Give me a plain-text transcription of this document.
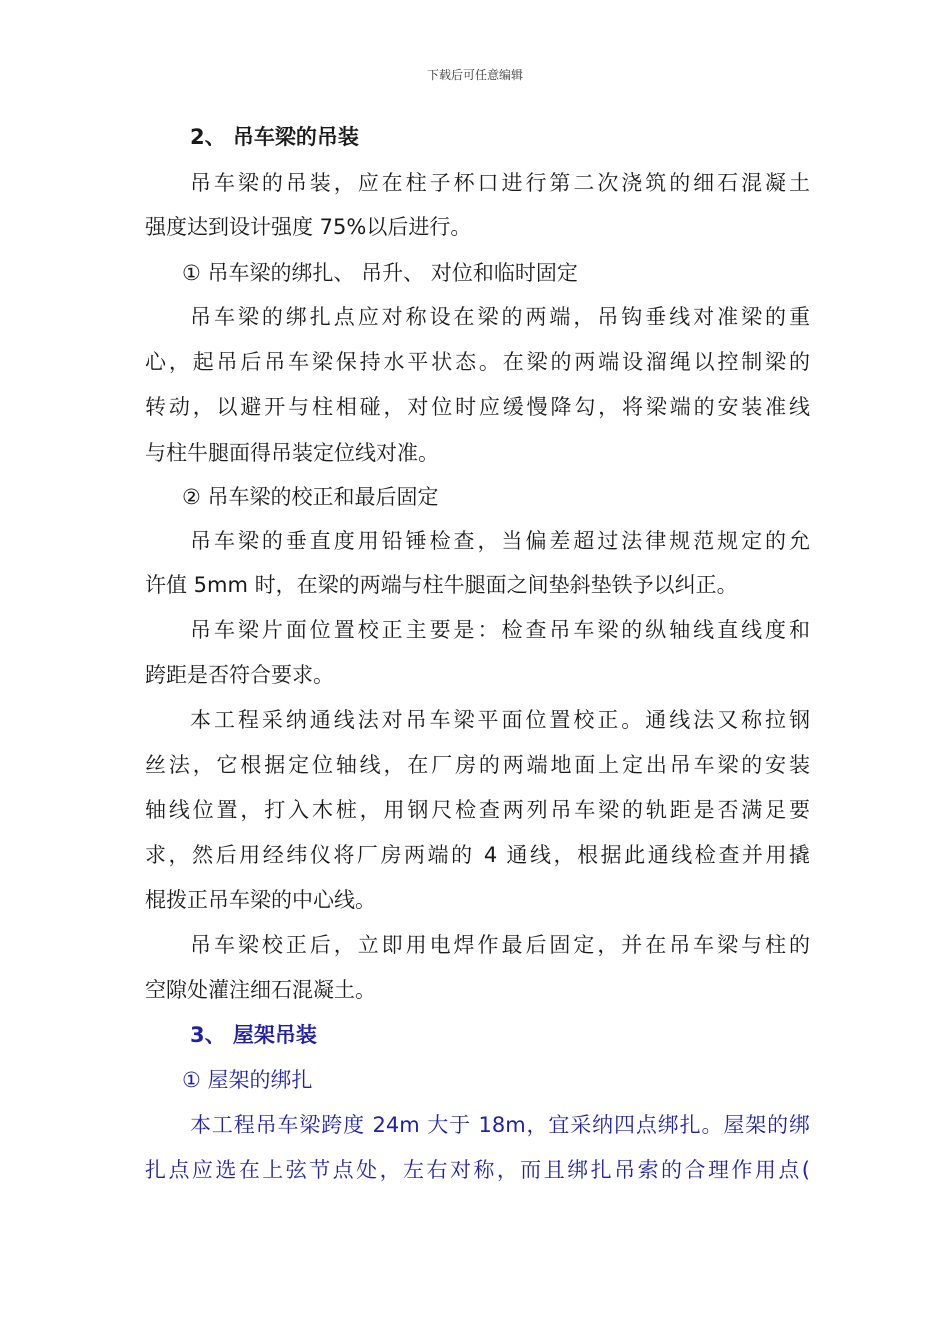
下载后可任意编辑
2、 吊车梁的吊装
吊车梁的吊装，应在柱子杯口进行第二次浇筑的细石混凝土
强度达到设计强度 75%以后进行。
① 吊车梁的绑扎、 吊升、 对位和临时固定
吊车梁的绑扎点应对称设在梁的两端，吊钩垂线对准梁的重
心，起吊后吊车梁保持水平状态。在梁的两端设溜绳以控制梁的
转动，以避开与柱相碰，对位时应缓慢降勾，将梁端的安装准线
与柱牛腿面得吊装定位线对准。
② 吊车梁的校正和最后固定
吊车梁的垂直度用铅锤检查，当偏差超过法律规范规定的允
许值 5mm 时，在梁的两端与柱牛腿面之间垫斜垫铁予以纠正。
吊车梁片面位置校正主要是：检查吊车梁的纵轴线直线度和
跨距是否符合要求。
本工程采纳通线法对吊车梁平面位置校正。通线法又称拉钢
丝法，它根据定位轴线，在厂房的两端地面上定出吊车梁的安装
轴线位置，打入木桩，用钢尺检查两列吊车梁的轨距是否满足要
求，然后用经纬仪将厂房两端的 4 通线，根据此通线检查并用撬
棍拨正吊车梁的中心线。
吊车梁校正后，立即用电焊作最后固定，并在吊车梁与柱的
空隙处灌注细石混凝土。
3、 屋架吊装
① 屋架的绑扎
本工程吊车梁跨度 24m 大于 18m，宜采纳四点绑扎。屋架的绑
扎点应选在上弦节点处，左右对称，而且绑扎吊索的合理作用点(
